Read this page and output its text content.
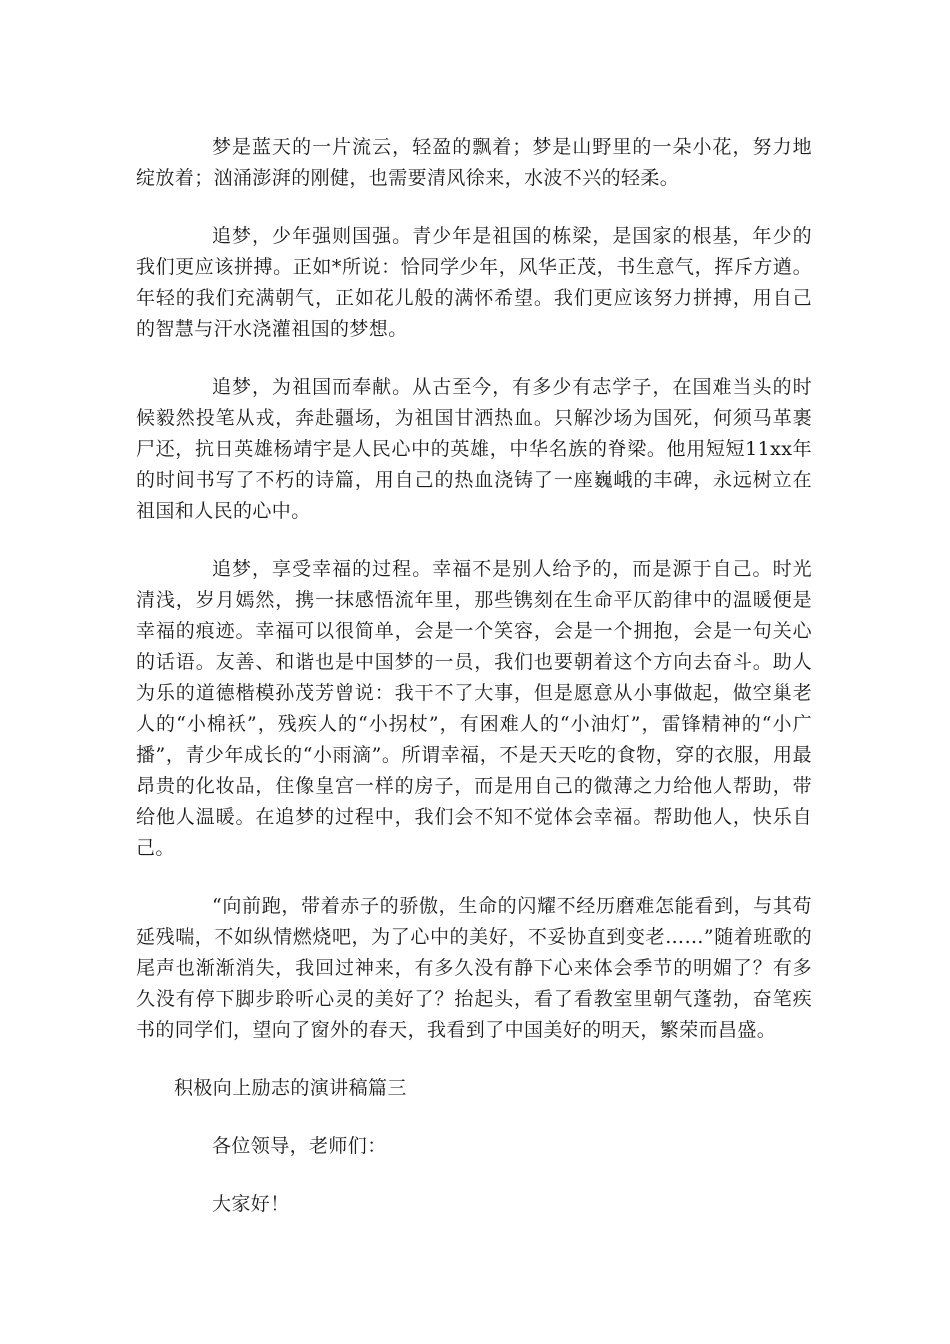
梦是蓝天的一片流云，轻盈的飘着；梦是山野里的一朵小花，努力地绽放着；汹涌澎湃的刚健，也需要清风徐来，水波不兴的轻柔。

追梦，少年强则国强。青少年是祖国的栋梁，是国家的根基，年少的我们更应该拼搏。正如*所说：恰同学少年，风华正茂，书生意气，挥斥方遒。年轻的我们充满朝气，正如花儿般的满怀希望。我们更应该努力拼搏，用自己的智慧与汗水浇灌祖国的梦想。

追梦，为祖国而奉献。从古至今，有多少有志学子，在国难当头的时候毅然投笔从戎，奔赴疆场，为祖国甘洒热血。只解沙场为国死，何须马革裹尸还，抗日英雄杨靖宇是人民心中的英雄，中华名族的脊梁。他用短短11xx年的时间书写了不朽的诗篇，用自己的热血浇铸了一座巍峨的丰碑，永远树立在祖国和人民的心中。

追梦，享受幸福的过程。幸福不是别人给予的，而是源于自己。时光清浅，岁月嫣然，携一抹感悟流年里，那些镌刻在生命平仄韵律中的温暖便是幸福的痕迹。幸福可以很简单，会是一个笑容，会是一个拥抱，会是一句关心的话语。友善、和谐也是中国梦的一员，我们也要朝着这个方向去奋斗。助人为乐的道德楷模孙茂芳曾说：我干不了大事，但是愿意从小事做起，做空巢老人的“小棉袄”，残疾人的“小拐杖”，有困难人的“小油灯”，雷锋精神的“小广播”，青少年成长的“小雨滴”。所谓幸福，不是天天吃的食物，穿的衣服，用最昂贵的化妆品，住像皇宫一样的房子，而是用自己的微薄之力给他人帮助，带给他人温暖。在追梦的过程中，我们会不知不觉体会幸福。帮助他人，快乐自己。

“向前跑，带着赤子的骄傲，生命的闪耀不经历磨难怎能看到，与其苟延残喘，不如纵情燃烧吧，为了心中的美好，不妥协直到变老……”随着班歌的尾声也渐渐消失，我回过神来，有多久没有静下心来体会季节的明媚了？有多久没有停下脚步聆听心灵的美好了？抬起头，看了看教室里朝气蓬勃，奋笔疾书的同学们，望向了窗外的春天，我看到了中国美好的明天，繁荣而昌盛。

积极向上励志的演讲稿篇三

各位领导，老师们：

大家好！
